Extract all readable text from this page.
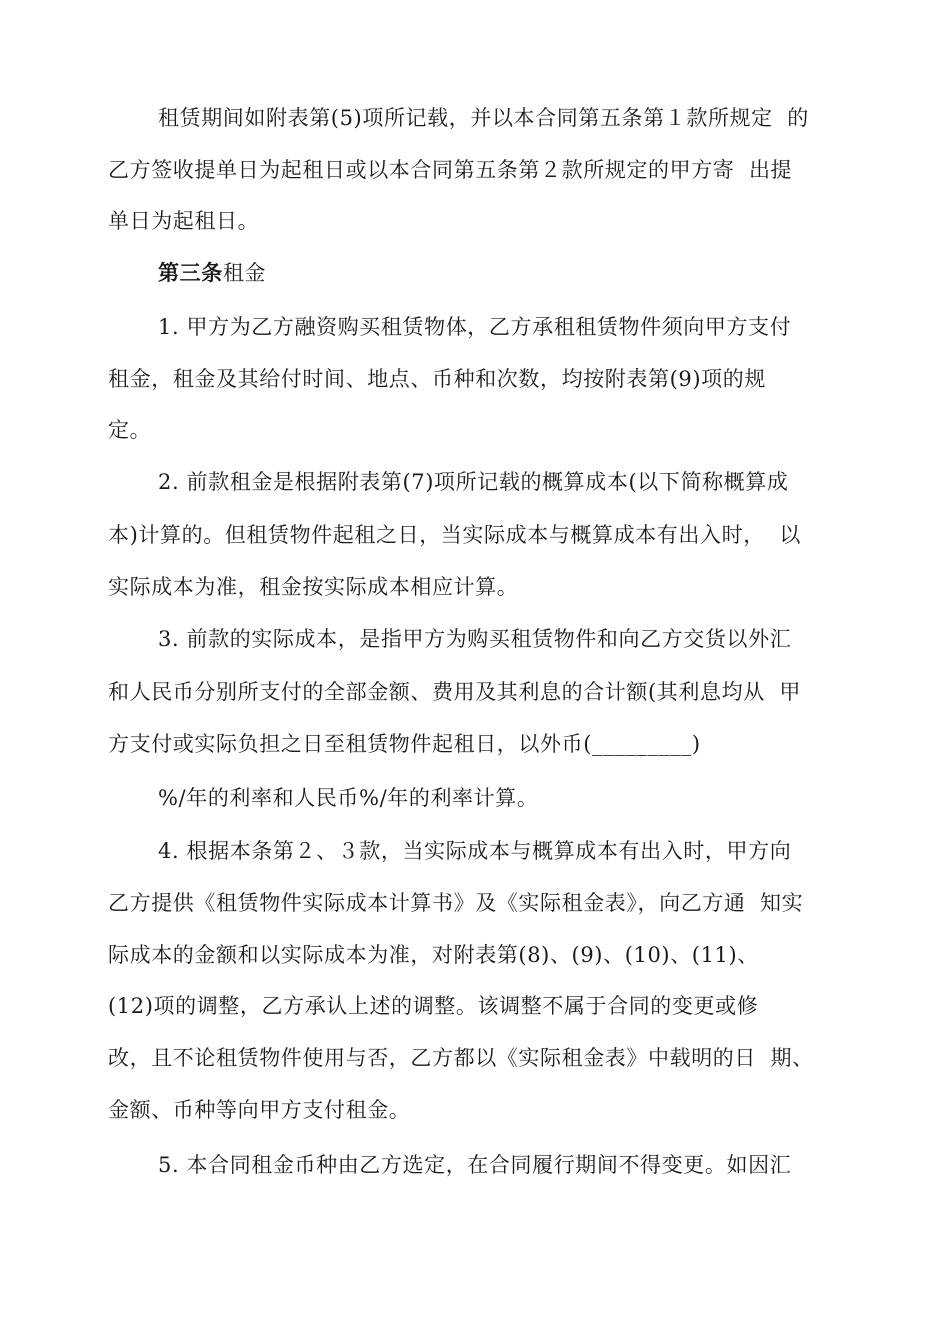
租赁期间如附表第(5)项所记载，并以本合同第五条第１款所规定  的
乙方签收提单日为起租日或以本合同第五条第２款所规定的甲方寄  出提
单日为起租日。
第三条租金
1. 甲方为乙方融资购买租赁物体，乙方承租租赁物件须向甲方支付
租金，租金及其给付时间、地点、币种和次数，均按附表第(9)项的规
定。
2. 前款租金是根据附表第(7)项所记载的概算成本(以下简称概算成
本)计算的。但租赁物件起租之日，当实际成本与概算成本有出入时，  以
实际成本为准，租金按实际成本相应计算。
3. 前款的实际成本，是指甲方为购买租赁物件和向乙方交货以外汇
和人民币分别所支付的全部金额、费用及其利息的合计额(其利息均从  甲
方支付或实际负担之日至租赁物件起租日，以外币(_________)
%/年的利率和人民币%/年的利率计算。
4. 根据本条第２、３款，当实际成本与概算成本有出入时，甲方向
乙方提供《租赁物件实际成本计算书》及《实际租金表》，向乙方通  知实
际成本的金额和以实际成本为准，对附表第(8)、(9)、(10)、(11)、
(12)项的调整，乙方承认上述的调整。该调整不属于合同的变更或修
改，且不论租赁物件使用与否，乙方都以《实际租金表》中载明的日  期、
金额、币种等向甲方支付租金。
5. 本合同租金币种由乙方选定，在合同履行期间不得变更。如因汇
